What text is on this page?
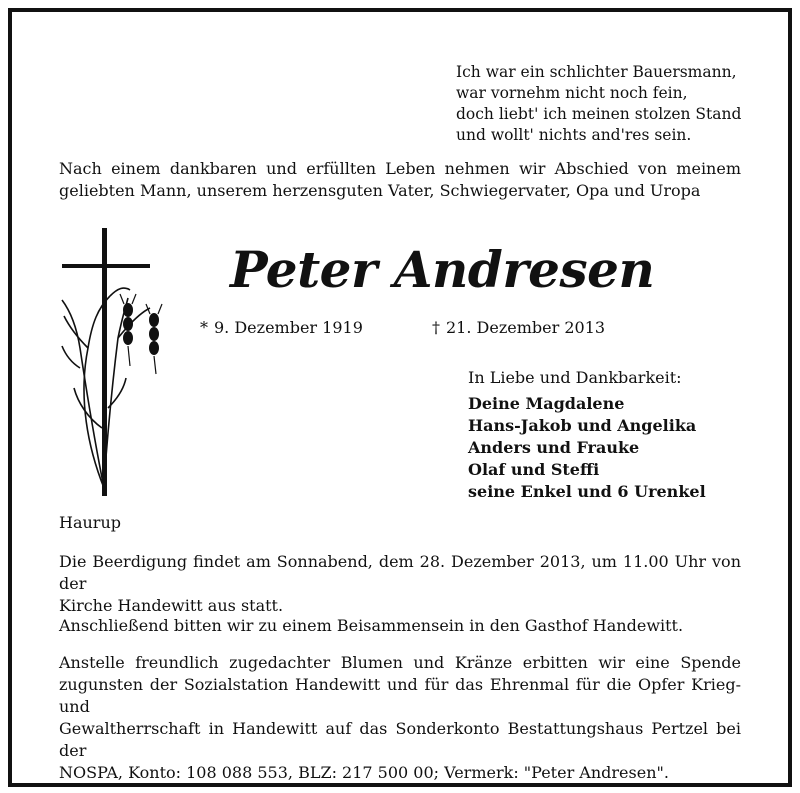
Ich war ein schlichter Bauersmann,
war vornehm nicht noch fein,
doch liebt' ich meinen stolzen Stand
und wollt' nichts and'res sein.
Nach einem dankbaren und erfüllten Leben nehmen wir Abschied von meinem
geliebten Mann, unserem herzensguten Vater, Schwiegervater, Opa und Uropa
Peter Andresen
* 9. Dezember 1919	† 21. Dezember 2013
In Liebe und Dankbarkeit:
Deine Magdalene
Hans-Jakob und Angelika
Anders und Frauke
Olaf und Steffi
seine Enkel und 6 Urenkel
Haurup
Die Beerdigung findet am Sonnabend, dem 28. Dezember 2013, um 11.00 Uhr von der
Kirche Handewitt aus statt.
Anschließend bitten wir zu einem Beisammensein in den Gasthof Handewitt.
Anstelle freundlich zugedachter Blumen und Kränze erbitten wir eine Spende
zugunsten der Sozialstation Handewitt und für das Ehrenmal für die Opfer Krieg- und
Gewaltherrschaft in Handewitt auf das Sonderkonto Bestattungshaus Pertzel bei der
NOSPA, Konto: 108 088 553, BLZ: 217 500 00; Vermerk: "Peter Andresen".
